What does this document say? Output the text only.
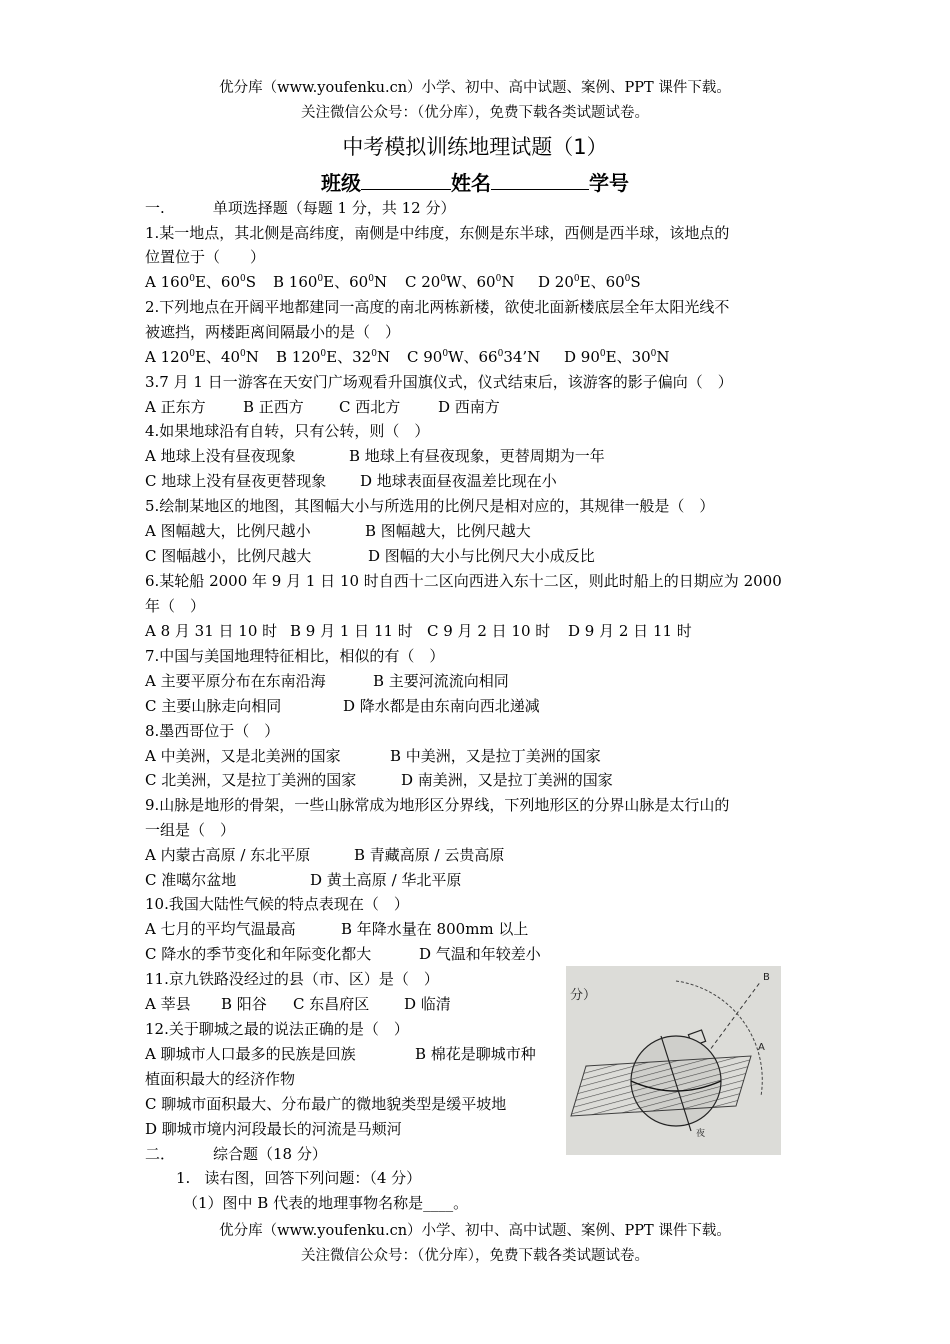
优分库（www.youfenku.cn）小学、初中、高中试题、案例、PPT 课件下载。
关注微信公众号：（优分库），免费下载各类试题试卷。
中考模拟训练地理试题（1）
班级	姓名	学号
一.	单项选择题（每题 1 分，共 12 分）
1.某一地点，其北侧是高纬度，南侧是中纬度，东侧是东半球，西侧是西半球，该地点的
位置位于（　　）
A $160^0E$、$60^0S$ B $160^0E$、$60^0N$ C $20^0W$、$60^0N$ D $20^0E$、$60^0S$
2.下列地点在开阔平地都建同一高度的南北两栋新楼，欲使北面新楼底层全年太阳光线不
被遮挡，两楼距离间隔最小的是（　）
A $120^0E$、$40^0N$ B $120^0E$、$32^0N$ C $90^0W$、$66^034’N$ D $90^0E$、$30^0N$
3.7 月 1 日一游客在天安门广场观看升国旗仪式，仪式结束后，该游客的影子偏向（　）
A 正东方 B 正西方 C 西北方	D 西南方
4.如果地球沿有自转，只有公转，则（　）
A 地球上没有昼夜现象	B 地球上有昼夜现象，更替周期为一年
C 地球上没有昼夜更替现象 D 地球表面昼夜温差比现在小
5.绘制某地区的地图，其图幅大小与所选用的比例尺是相对应的，其规律一般是（　）
A 图幅越大，比例尺越小	B 图幅越大，比例尺越大
C 图幅越小，比例尺越大	D 图幅的大小与比例尺大小成反比
6.某轮船 2000 年 9 月 1 日 10 时自西十二区向西进入东十二区，则此时船上的日期应为 2000
年（　）
A 8 月 31 日 10 时 B 9 月 1 日 11 时 C 9 月 2 日 10 时 D 9 月 2 日 11 时
7.中国与美国地理特征相比，相似的有（　）
A 主要平原分布在东南沿海	B 主要河流流向相同
C 主要山脉走向相同	D 降水都是由东南向西北递减
8.墨西哥位于（　）
A 中美洲，又是北美洲的国家	B 中美洲，又是拉丁美洲的国家
C 北美洲，又是拉丁美洲的国家	D 南美洲，又是拉丁美洲的国家
9.山脉是地形的骨架，一些山脉常成为地形区分界线，下列地形区的分界山脉是太行山的
一组是（　）
A 内蒙古高原 / 东北平原	B 青藏高原 / 云贵高原
C 准噶尔盆地	D 黄土高原 / 华北平原
10.我国大陆性气候的特点表现在（　）
A 七月的平均气温最高	B 年降水量在 800mm 以上
C 降水的季节变化和年际变化都大	D 气温和年较差小
11.京九铁路没经过的县（市、区）是（　）
A 莘县 B 阳谷 C 东昌府区 D 临清
12.关于聊城之最的说法正确的是（　）
A 聊城市人口最多的民族是回族	B 棉花是聊城市种
植面积最大的经济作物
C 聊城市面积最大、分布最广的微地貌类型是缓平坡地
D 聊城市境内河段最长的河流是马颊河
二．	综合题（18 分）
1. 读右图，回答下列问题：（4 分）
（1）图中 B 代表的地理事物名称是____。
分）
B
A
夜
优分库（www.youfenku.cn）小学、初中、高中试题、案例、PPT 课件下载。
关注微信公众号：（优分库），免费下载各类试题试卷。
